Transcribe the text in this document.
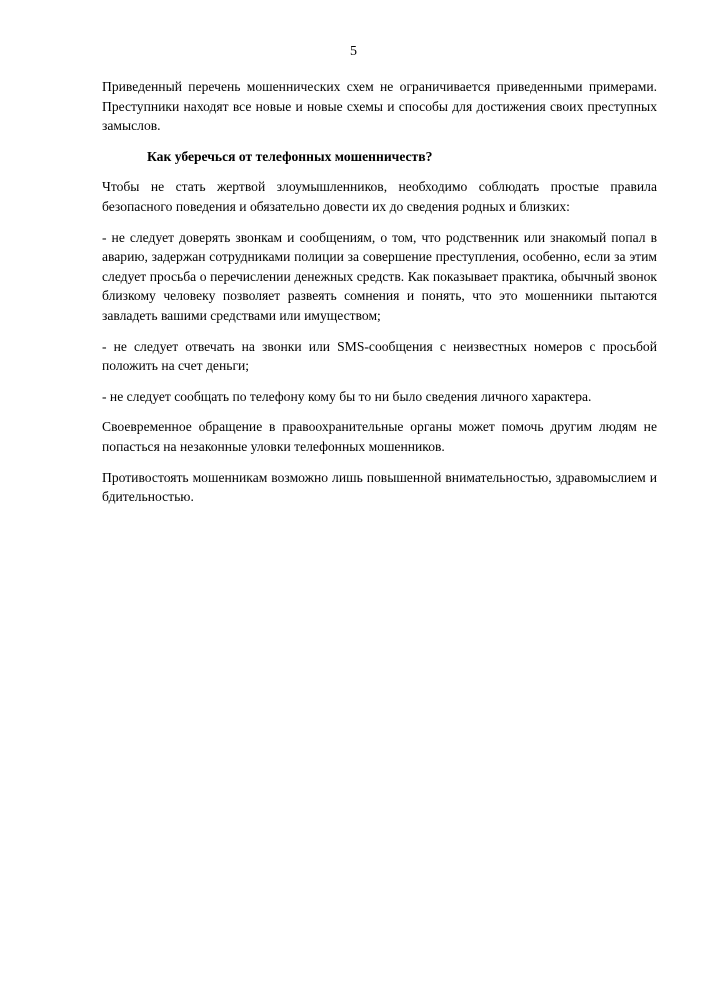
5

Приведенный перечень мошеннических схем не ограничивается приведенными примерами. Преступники находят все новые и новые схемы и способы для достижения своих преступных замыслов.

Как уберечься от телефонных мошенничеств?

Чтобы не стать жертвой злоумышленников, необходимо соблюдать простые правила безопасного поведения и обязательно довести их до сведения родных и близких:

- не следует доверять звонкам и сообщениям, о том, что родственник или знакомый попал в аварию, задержан сотрудниками полиции за совершение преступления, особенно, если за этим следует просьба о перечислении денежных средств. Как показывает практика, обычный звонок близкому человеку позволяет развеять сомнения и понять, что это мошенники пытаются завладеть вашими средствами или имуществом;

- не следует отвечать на звонки или SMS-сообщения с неизвестных номеров с просьбой положить на счет деньги;

- не следует сообщать по телефону кому бы то ни было сведения личного характера.

Своевременное обращение в правоохранительные органы может помочь другим людям не попасться на незаконные уловки телефонных мошенников.

Противостоять мошенникам возможно лишь повышенной внимательностью, здравомыслием и бдительностью.
